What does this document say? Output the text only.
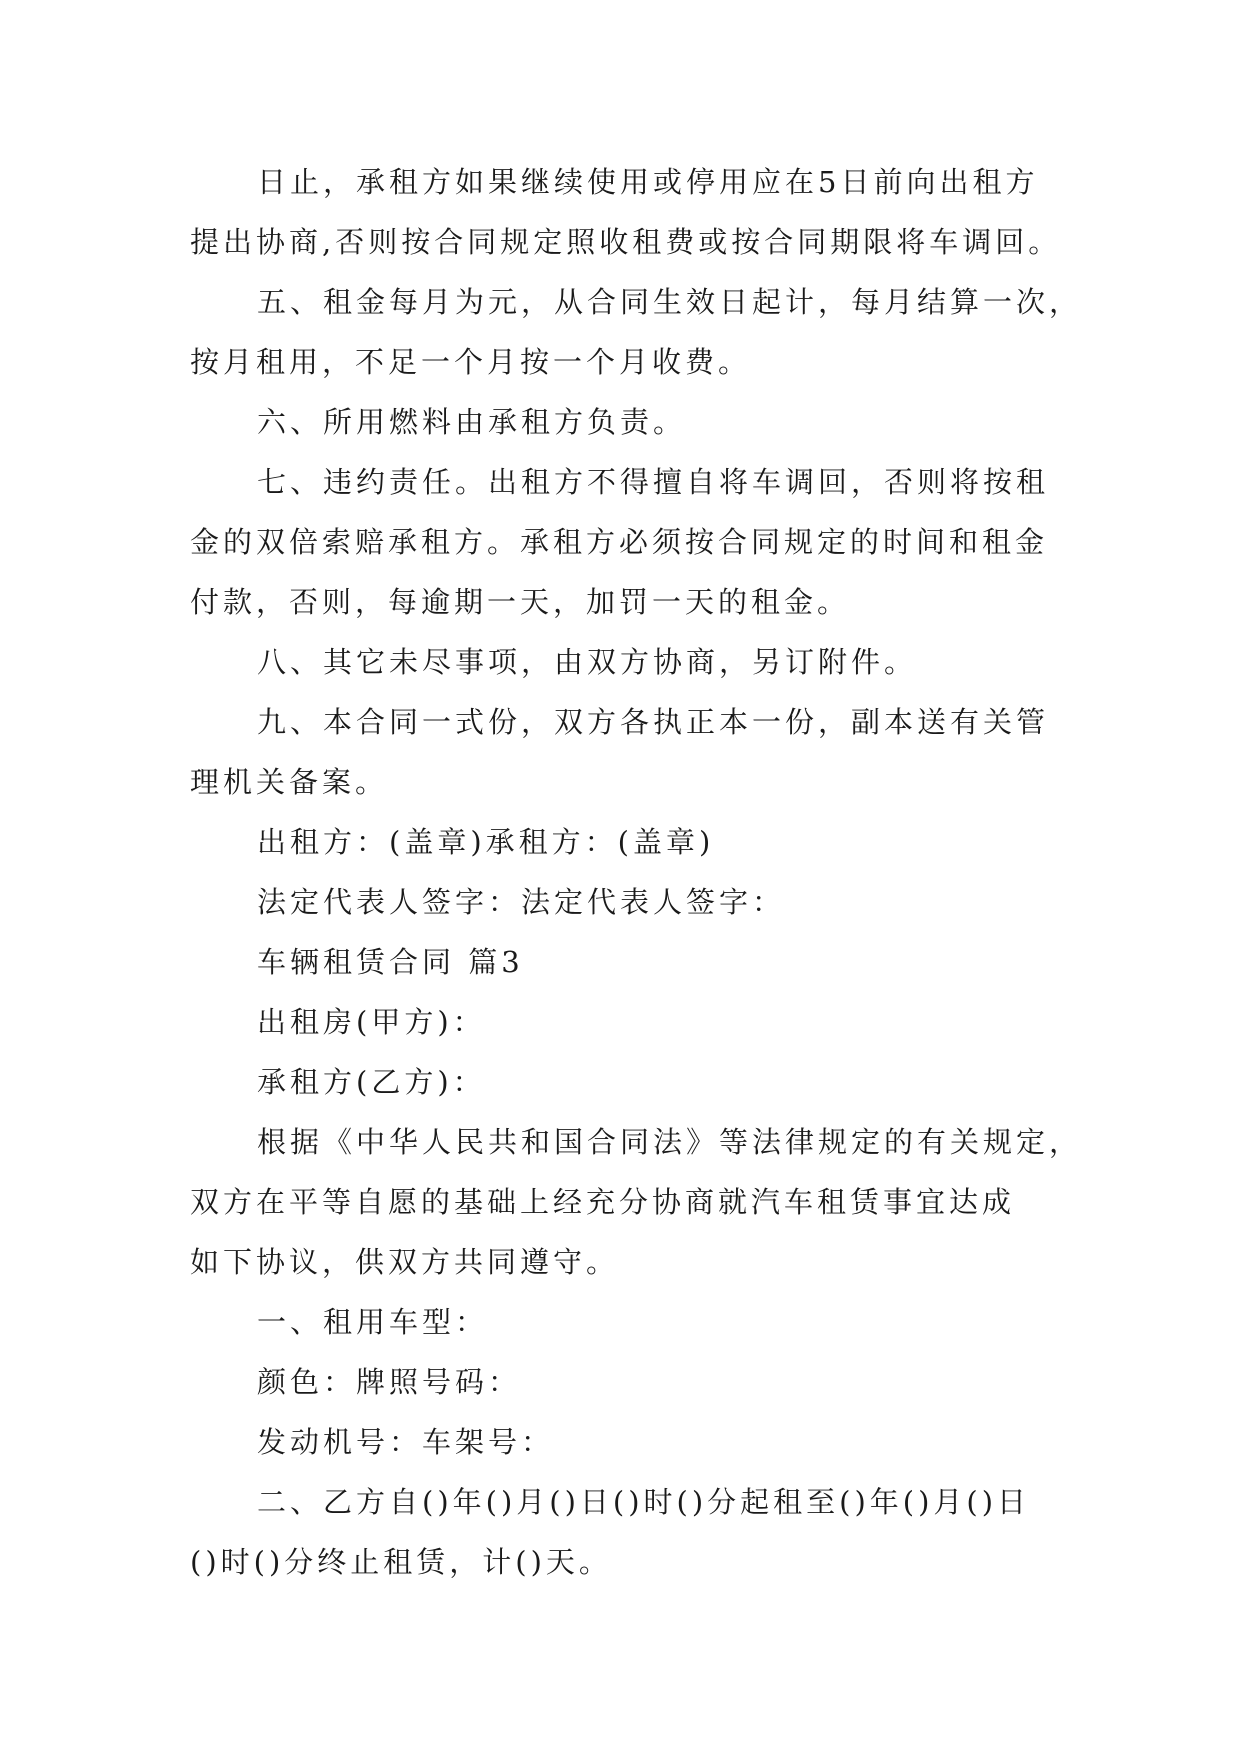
日止，承租方如果继续使用或停用应在5日前向出租方
提出协商,否则按合同规定照收租费或按合同期限将车调回。
五、租金每月为元，从合同生效日起计，每月结算一次，
按月租用，不足一个月按一个月收费。
六、所用燃料由承租方负责。
七、违约责任。出租方不得擅自将车调回，否则将按租
金的双倍索赔承租方。承租方必须按合同规定的时间和租金
付款，否则，每逾期一天，加罚一天的租金。
八、其它未尽事项，由双方协商，另订附件。
九、本合同一式份，双方各执正本一份，副本送有关管
理机关备案。
出租方：(盖章)承租方：(盖章)
法定代表人签字：法定代表人签字：
车辆租赁合同 篇3
出租房(甲方)：
承租方(乙方)：
根据《中华人民共和国合同法》等法律规定的有关规定，
双方在平等自愿的基础上经充分协商就汽车租赁事宜达成
如下协议，供双方共同遵守。
一、租用车型：
颜色：牌照号码：
发动机号：车架号：
二、乙方自()年()月()日()时()分起租至()年()月()日
()时()分终止租赁，计()天。
